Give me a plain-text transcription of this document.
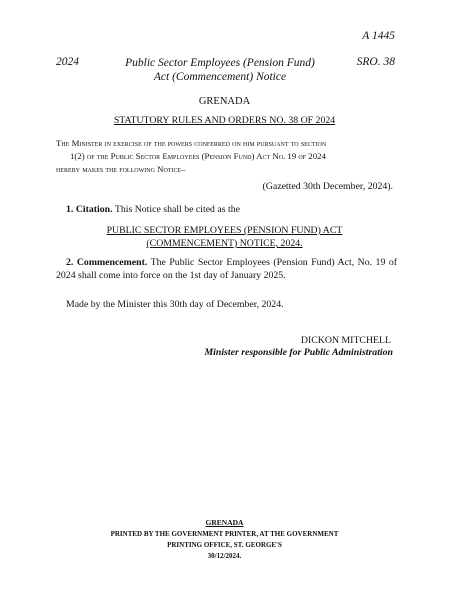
A 1445
2024	Public Sector Employees (Pension Fund)
Act (Commencement) Notice
SRO. 38
GRENADA
STATUTORY RULES AND ORDERS NO. 38 OF 2024
The Minister in exercise of the powers conferred on him pursuant to section
1(2) of the Public Sector Employees (Pension Fund) Act No. 19 of 2024
hereby makes the following Notice–
(Gazetted 30th December, 2024).
1. Citation. This Notice shall be cited as the
PUBLIC SECTOR EMPLOYEES (PENSION FUND) ACT
(COMMENCEMENT) NOTICE, 2024.
2. Commencement. The Public Sector Employees (Pension Fund) Act, No. 19 of 2024 shall come into force on the 1st day of January 2025.
Made by the Minister this 30th day of December, 2024.
DICKON MITCHELL
Minister responsible for Public Administration
GRENADA
PRINTED BY THE GOVERNMENT PRINTER, AT THE GOVERNMENT
PRINTING OFFICE, ST. GEORGE'S
30/12/2024.
